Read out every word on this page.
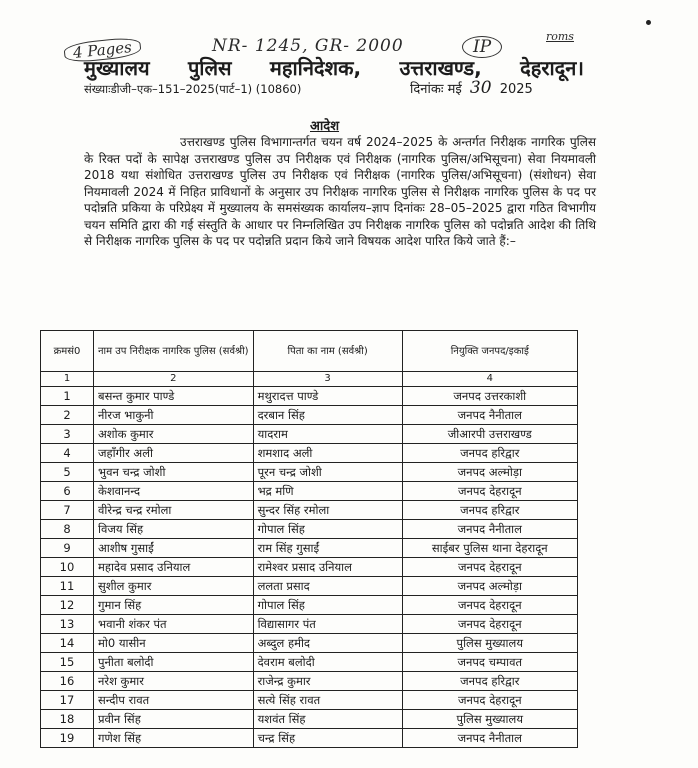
4 Pages	NR- 1245, GR- 2000	IP
roms
मुख्यालय पुलिस महानिदेशक, उत्तराखण्ड, देहरादून।
संख्याःडीजी–एक–151–2025(पार्ट–1) (10860)	दिनांकः मई 30 2025
आदेश

उत्तराखण्ड पुलिस विभागान्तर्गत चयन वर्ष 2024–2025 के अन्तर्गत निरीक्षक नागरिक पुलिस के रिक्त पदों के सापेक्ष उत्तराखण्ड पुलिस उप निरीक्षक एवं निरीक्षक (नागरिक पुलिस/अभिसूचना) सेवा नियमावली 2018 यथा संशोधित उत्तराखण्ड पुलिस उप निरीक्षक एवं निरीक्षक (नागरिक पुलिस/अभिसूचना) (संशोधन) सेवा नियमावली 2024 में निहित प्राविधानों के अनुसार उप निरीक्षक नागरिक पुलिस से निरीक्षक नागरिक पुलिस के पद पर पदोन्नति प्रकिया के परिप्रेक्ष्य में मुख्यालय के समसंख्यक कार्यालय–ज्ञाप दिनांकः 28–05–2025 द्वारा गठित विभागीय चयन समिति द्वारा की गई संस्तुति के आधार पर निम्नलिखित उप निरीक्षक नागरिक पुलिस को पदोन्नति आदेश की तिथि से निरीक्षक नागरिक पुलिस के पद पर पदोन्नति प्रदान किये जाने विषयक आदेश पारित किये जाते हैं:–

क्रमसं0	नाम उप निरीक्षक नागरिक पुलिस (सर्वश्री)	पिता का नाम (सर्वश्री)	नियुक्ति जनपद/इकाई
1	2	3	4
1	बसन्त कुमार पाण्डे	मथुरादत्त पाण्डे	जनपद उत्तरकाशी
2	नीरज भाकुनी	दरबान सिंह	जनपद नैनीताल
3	अशोक कुमार	यादराम	जीआरपी उत्तराखण्ड
4	जहाँगीर अली	शमशाद अली	जनपद हरिद्वार
5	भुवन चन्द्र जोशी	पूरन चन्द्र जोशी	जनपद अल्मोड़ा
6	केशवानन्द	भद्र मणि	जनपद देहरादून
7	वीरेन्द्र चन्द्र रमोला	सुन्दर सिंह रमोला	जनपद हरिद्वार
8	विजय सिंह	गोपाल सिंह	जनपद नैनीताल
9	आशीष गुसाईं	राम सिंह गुसाईं	साईबर पुलिस थाना देहरादून
10	महादेव प्रसाद उनियाल	रामेश्वर प्रसाद उनियाल	जनपद देहरादून
11	सुशील कुमार	ललता प्रसाद	जनपद अल्मोड़ा
12	गुमान सिंह	गोपाल सिंह	जनपद देहरादून
13	भवानी शंकर पंत	विद्यासागर पंत	जनपद देहरादून
14	मो0 यासीन	अब्दुल हमीद	पुलिस मुख्यालय
15	पुनीता बलोदी	देवराम बलोदी	जनपद चम्पावत
16	नरेश कुमार	राजेन्द्र कुमार	जनपद हरिद्वार
17	सन्दीप रावत	सत्ये सिंह रावत	जनपद देहरादून
18	प्रवीन सिंह	यशवंत सिंह	पुलिस मुख्यालय
19	गणेश सिंह	चन्द्र सिंह	जनपद नैनीताल
